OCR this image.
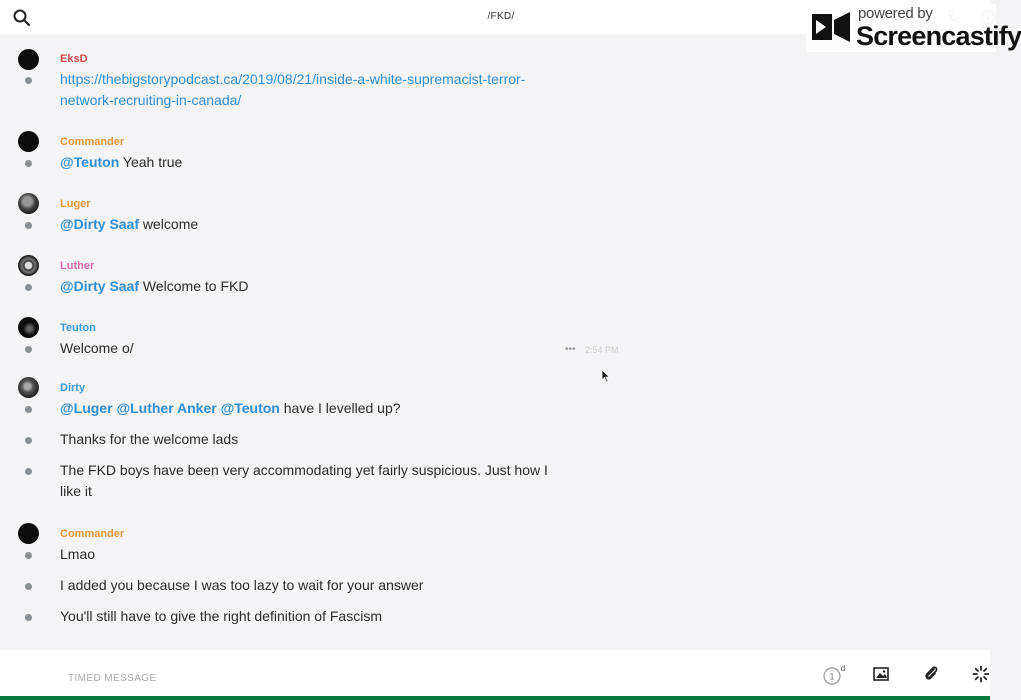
/FKD/	powered by
Screencastify
EksD
https://thebigstorypodcast.ca/2019/08/21/inside-a-white-supremacist-terror-network-recruiting-in-canada/
Commander
@Teuton Yeah true
Luger
@Dirty Saaf welcome
Luther
@Dirty Saaf Welcome to FKD
Teuton
Welcome o/
Dirty
@Luger @Luther Anker @Teuton have I levelled up?
Thanks for the welcome lads
The FKD boys have been very accommodating yet fairly suspicious. Just how I like it
Commander
Lmao
I added you because I was too lazy to wait for your answer
You'll still have to give the right definition of Fascism
••• 2:54 PM
TIMED MESSAGE
1
d
